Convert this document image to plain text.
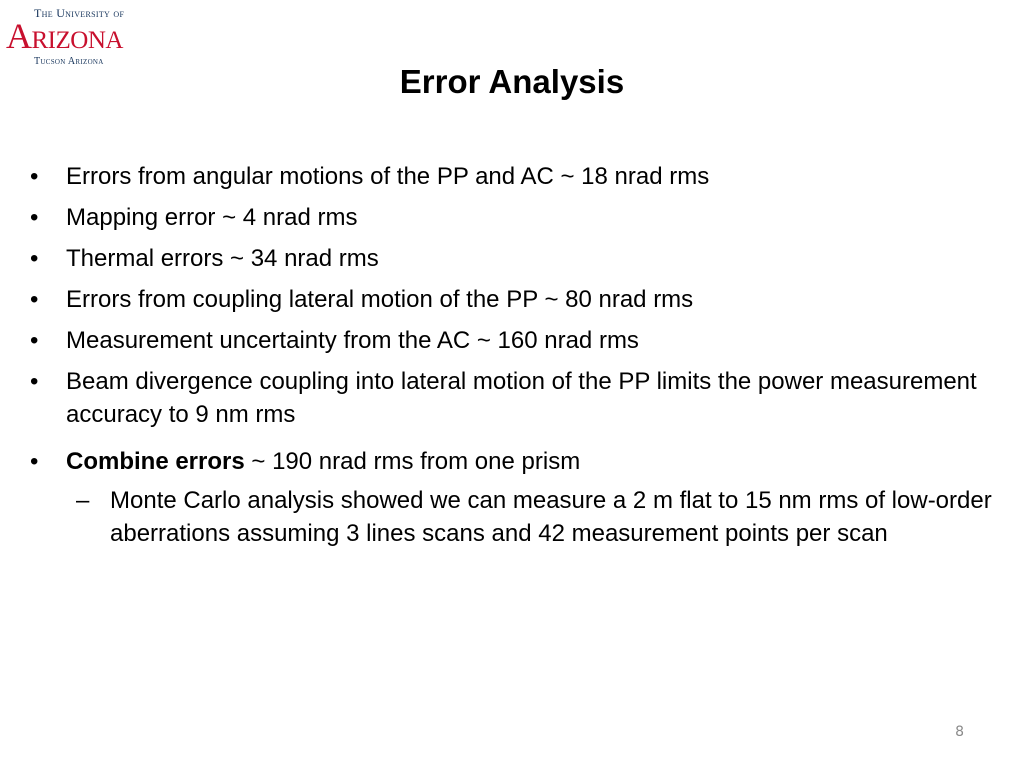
The University of
Arizona
Tucson Arizona
Error Analysis
• Errors from angular motions of the PP and AC ~ 18 nrad rms
• Mapping error ~ 4 nrad rms
• Thermal errors ~ 34 nrad rms
• Errors from coupling lateral motion of the PP ~ 80 nrad rms
• Measurement uncertainty from the AC ~ 160 nrad rms
• Beam divergence coupling into lateral motion of the PP limits the power measurement accuracy to 9 nm rms
• Combine errors ~ 190 nrad rms from one prism
– Monte Carlo analysis showed we can measure a 2 m flat to 15 nm rms of low-order aberrations assuming 3 lines scans and 42 measurement points per scan
8
